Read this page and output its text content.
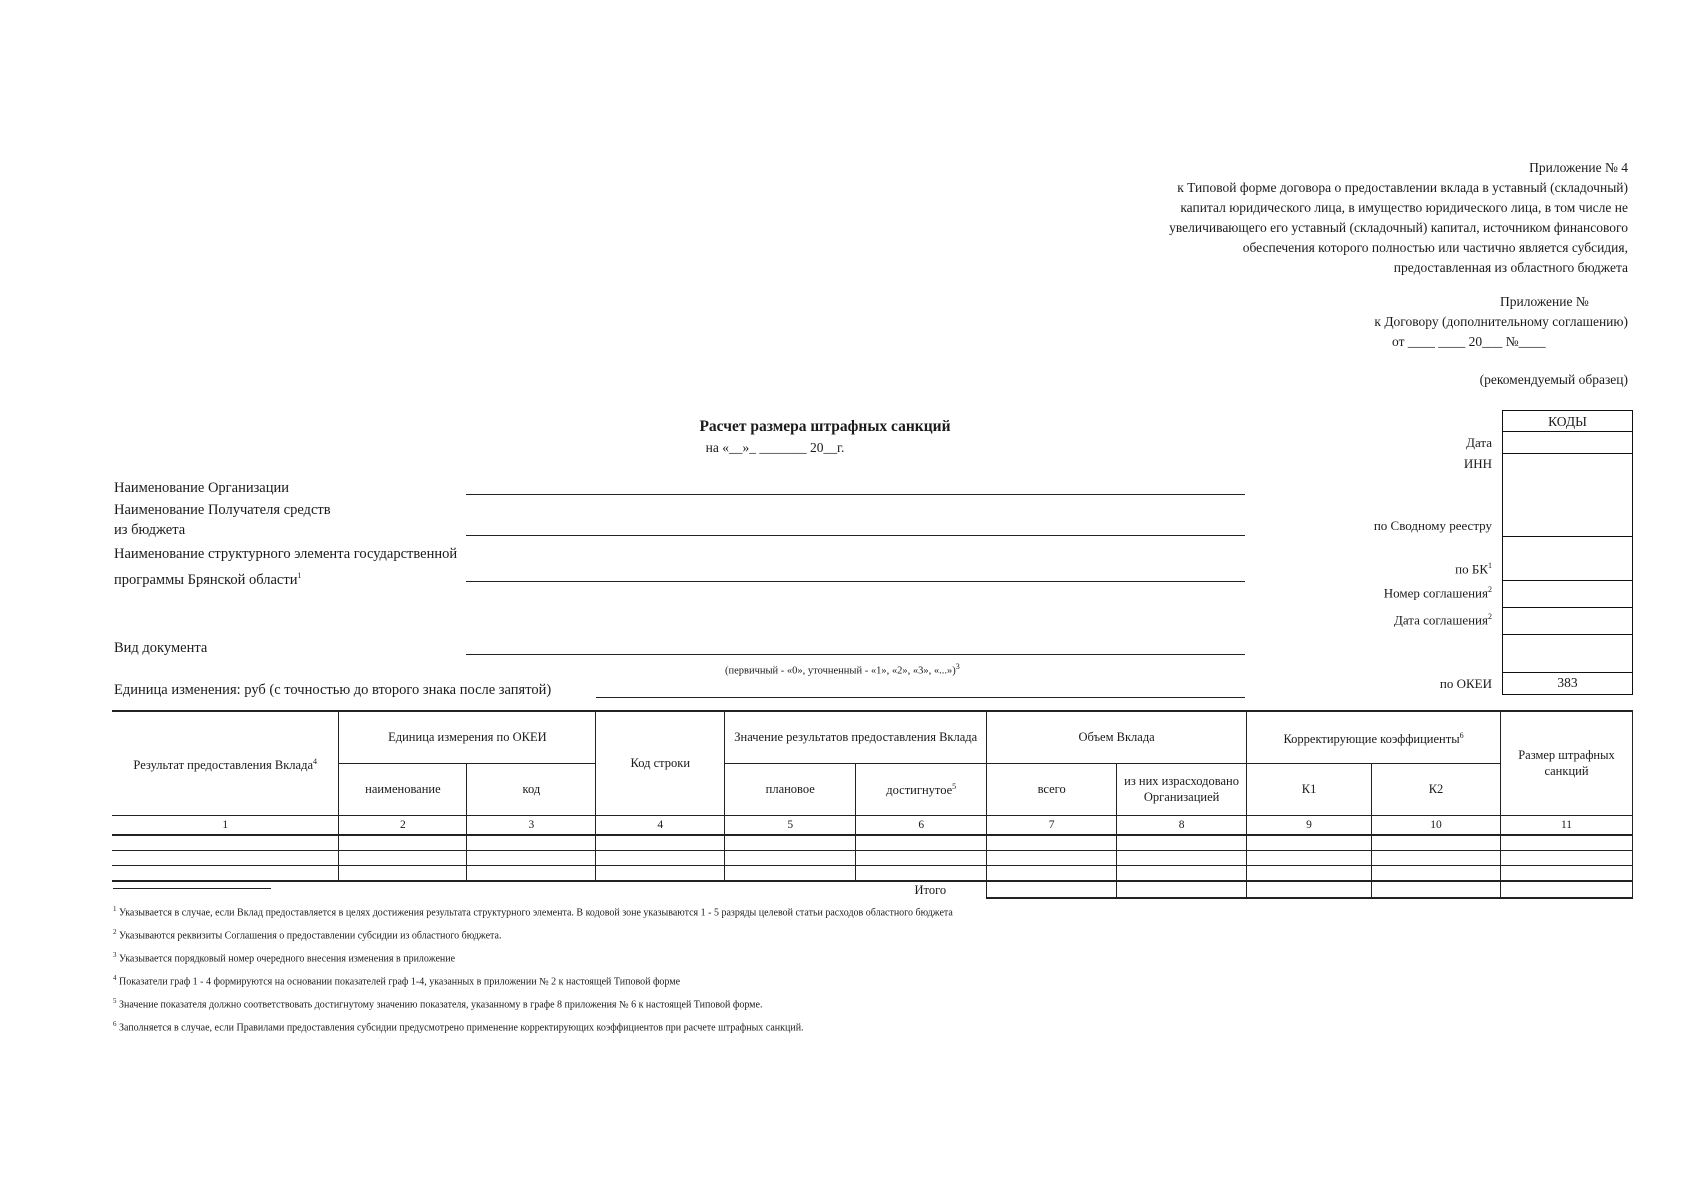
Приложение № 4
к Типовой форме договора о предоставлении вклада в уставный (складочный)
капитал юридического лица, в имущество юридического лица, в том числе не
увеличивающего его уставный (складочный) капитал, источником финансового
обеспечения которого полностью или частично является субсидия,
предоставленная из областного бюджета
Приложение №
к Договору (дополнительному соглашению)
от ____ ____ 20___ №____
(рекомендуемый образец)
Расчет размера штрафных санкций
на «__»_ _______ 20__г.
Наименование Организации
Наименование Получателя средств
из бюджета
Наименование структурного элемента государственной
программы Брянской области$^1$
Вид документа
(первичный - «0», уточненный - «1», «2», «3», «...»)$^3$
Единица изменения: руб (с точностью до второго знака после запятой)
КОДЫ
Дата
ИНН
по Сводному реестру
по $БК^1$
Номер соглашения$^2$
Дата соглашения$^2$
по ОКЕИ	383
Результат предоставления Вклада$^4$	Единица измерения по ОКЕИ		Код строки	Значение результатов предоставления Вклада		Объем Вклада		Корректирующие коэффициенты$^6$		Размер штрафных санкций
	наименование	код		плановое	достигнутое$^5$	всего	из них израсходовано Организацией	К1	К2	
1	2	3	4	5	6	7	8	9	10	11

Итого										
$^1$ Указывается в случае, если Вклад предоставляется в целях достижения результата структурного элемента. В кодовой зоне указываются 1 - 5 разряды целевой статьи расходов областного бюджета
$^2$ Указываются реквизиты Соглашения о предоставлении субсидии из областного бюджета.
$^3$ Указывается порядковый номер очередного внесения изменения в приложение
$^4$ Показатели граф 1 - 4 формируются на основании показателей граф 1-4, указанных в приложении № 2 к настоящей Типовой форме
$^5$ Значение показателя должно соответствовать достигнутому значению показателя, указанному в графе 8 приложения № 6 к настоящей Типовой форме.
$^6$ Заполняется в случае, если Правилами предоставления субсидии предусмотрено применение корректирующих коэффициентов при расчете штрафных санкций.
